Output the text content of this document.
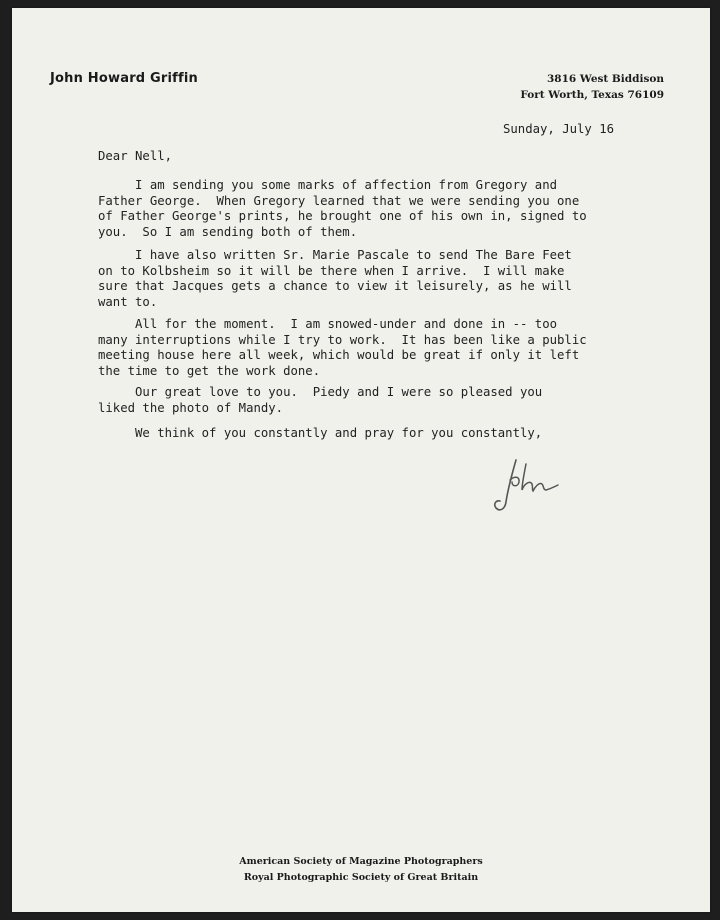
John Howard Griffin	3816 West Biddison
Fort Worth, Texas 76109

Sunday, July 16

Dear Nell,

I am sending you some marks of affection from Gregory and
Father George.  When Gregory learned that we were sending you one
of Father George's prints, he brought one of his own in, signed to
you.  So I am sending both of them.

I have also written Sr. Marie Pascale to send The Bare Feet
on to Kolbsheim so it will be there when I arrive.  I will make
sure that Jacques gets a chance to view it leisurely, as he will
want to.

All for the moment.  I am snowed-under and done in -- too
many interruptions while I try to work.  It has been like a public
meeting house here all week, which would be great if only it left
the time to get the work done.

Our great love to you.  Piedy and I were so pleased you
liked the photo of Mandy.

We think of you constantly and pray for you constantly,

American Society of Magazine Photographers
Royal Photographic Society of Great Britain
